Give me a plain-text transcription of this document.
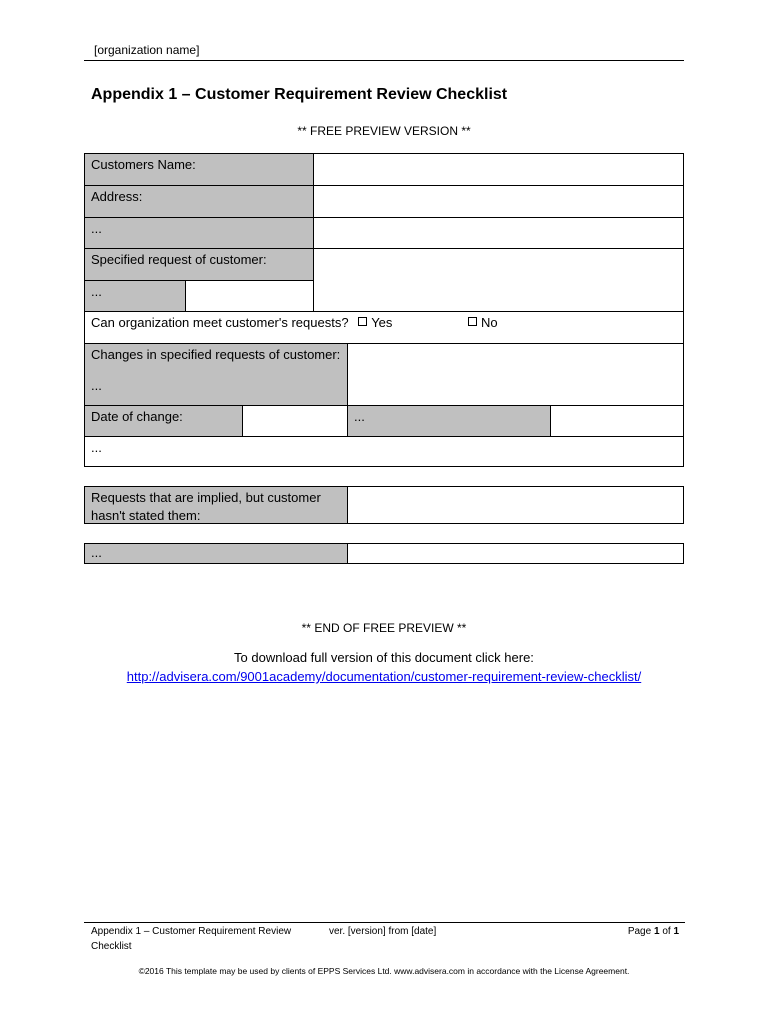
[organization name]
Appendix 1 – Customer Requirement Review Checklist
** FREE PREVIEW VERSION **
Customers Name:
Address:
...
Specified request of customer:
...
Can organization meet customer's requests? Yes	No
Changes in specified requests of customer:
...
Date of change:	...
...
Requests that are implied, but customer
hasn't stated them:
...
** END OF FREE PREVIEW **
To download full version of this document click here:
http://advisera.com/9001academy/documentation/customer-requirement-review-checklist/
Appendix 1 – Customer Requirement Review Checklist
ver. [version] from [date]	Page 1 of 1
©2016 This template may be used by clients of EPPS Services Ltd. www.advisera.com in accordance with the License Agreement.
